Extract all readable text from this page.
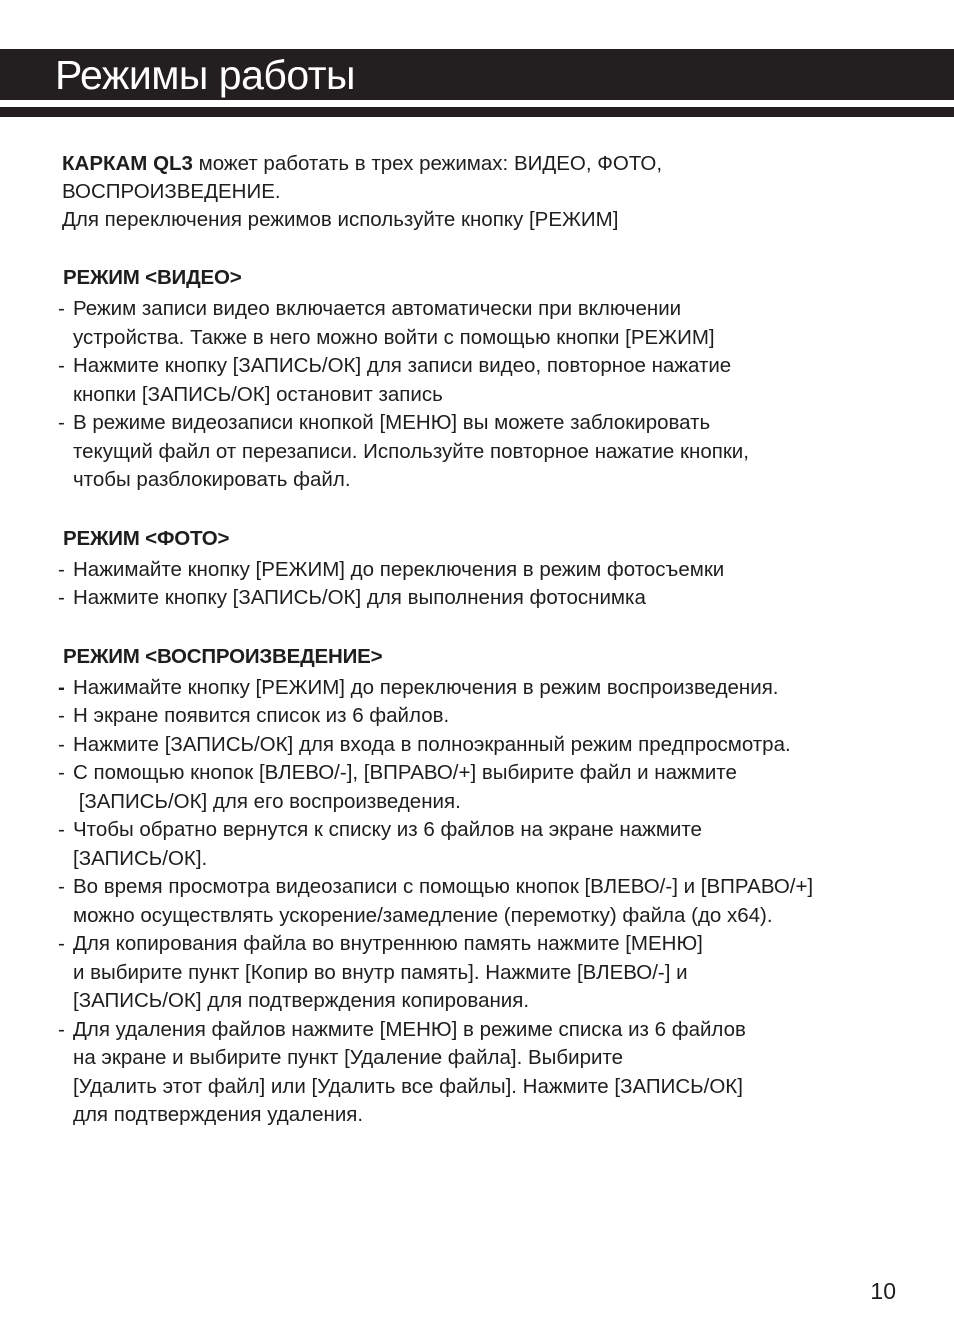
Режимы работы

КАРКАМ QL3 может работать в трех режимах: ВИДЕО, ФОТО,
ВОСПРОИЗВЕДЕНИЕ.
Для переключения режимов используйте кнопку [РЕЖИМ]

РЕЖИМ <ВИДЕО>
- Режим записи видео включается автоматически при включении
устройства. Также в него можно войти с помощью кнопки [РЕЖИМ]
- Нажмите кнопку [ЗАПИСЬ/ОК] для записи видео, повторное нажатие
кнопки [ЗАПИСЬ/ОК] остановит запись
- В режиме видеозаписи кнопкой [МЕНЮ] вы можете заблокировать
текущий файл от перезаписи. Используйте повторное нажатие кнопки,
чтобы разблокировать файл.
РЕЖИМ <ФОТО>
- Нажимайте кнопку [РЕЖИМ] до переключения в режим фотосъемки
- Нажмите кнопку [ЗАПИСЬ/ОК] для выполнения фотоснимка
РЕЖИМ <ВОСПРОИЗВЕДЕНИЕ>
- Нажимайте кнопку [РЕЖИМ] до переключения в режим воспроизведения.
- Н экране появится список из 6 файлов.
- Нажмите [ЗАПИСЬ/ОК] для входа в полноэкранный режим предпросмотра.
- С помощью кнопок [ВЛЕВО/-], [ВПРАВО/+] выбирите файл и нажмите
[ЗАПИСЬ/ОК] для его воспроизведения.
- Чтобы обратно вернутся к списку из 6 файлов на экране нажмите
[ЗАПИСЬ/ОК].
- Во время просмотра видеозаписи с помощью кнопок [ВЛЕВО/-] и [ВПРАВО/+]
можно осуществлять ускорение/замедление (перемотку) файла (до x64).
- Для копирования файла во внутреннюю память нажмите [МЕНЮ]
и выбирите пункт [Копир во внутр память]. Нажмите [ВЛЕВО/-] и
[ЗАПИСЬ/ОК] для подтверждения копирования.
- Для удаления файлов нажмите [МЕНЮ] в режиме списка из 6 файлов
на экране и выбирите пункт [Удаление файла]. Выбирите
[Удалить этот файл] или [Удалить все файлы]. Нажмите [ЗАПИСЬ/ОК]
для подтверждения удаления.
10
